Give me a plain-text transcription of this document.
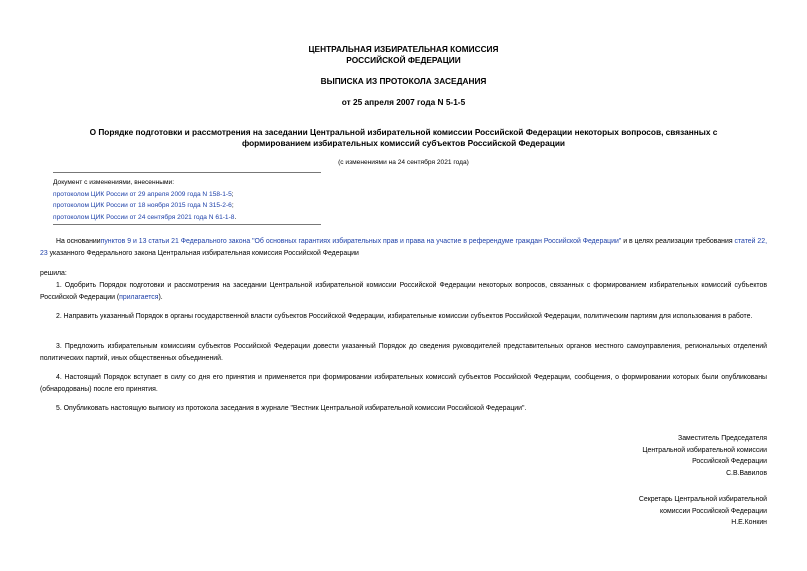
ЦЕНТРАЛЬНАЯ ИЗБИРАТЕЛЬНАЯ КОМИССИЯ
РОССИЙСКОЙ ФЕДЕРАЦИИ
ВЫПИСКА ИЗ ПРОТОКОЛА ЗАСЕДАНИЯ
от 25 апреля 2007 года N 5-1-5
О Порядке подготовки и рассмотрения на заседании Центральной избирательной комиссии Российской Федерации некоторых вопросов, связанных с
формированием избирательных комиссий субъектов Российской Федерации
(с изменениями на 24 сентября 2021 года)
Документ с изменениями, внесенными:
протоколом ЦИК России от 29 апреля 2009 года N 158-1-5;
протоколом ЦИК России от 18 ноября 2015 года N 315-2-6;
протоколом ЦИК России от 24 сентября 2021 года N 61-1-8.
На основаниипунктов 9 и 13 статьи 21 Федерального закона "Об основных гарантиях избирательных прав и права на участие в референдуме граждан Российской Федерации" и в целях реализации требования статей 22, 23 указанного Федерального закона Центральная избирательная комиссия Российской Федерации
решила:
1. Одобрить Порядок подготовки и рассмотрения на заседании Центральной избирательной комиссии Российской Федерации некоторых вопросов, связанных с формированием избирательных комиссий субъектов Российской Федерации (прилагается).
2. Направить указанный Порядок в органы государственной власти субъектов Российской Федерации, избирательные комиссии субъектов Российской Федерации, политическим партиям для использования в работе.
3. Предложить избирательным комиссиям субъектов Российской Федерации довести указанный Порядок до сведения руководителей представительных органов местного самоуправления, региональных отделений политических партий, иных общественных объединений.
4. Настоящий Порядок вступает в силу со дня его принятия и применяется при формировании избирательных комиссий субъектов Российской Федерации, сообщения, о формировании которых были опубликованы (обнародованы) после его принятия.
5. Опубликовать настоящую выписку из протокола заседания в журнале "Вестник Центральной избирательной комиссии Российской Федерации".
Заместитель Председателя
Центральной избирательной комиссии
Российской Федерации
С.В.Вавилов
Секретарь Центральной избирательной
комиссии Российской Федерации
Н.Е.Конкин
